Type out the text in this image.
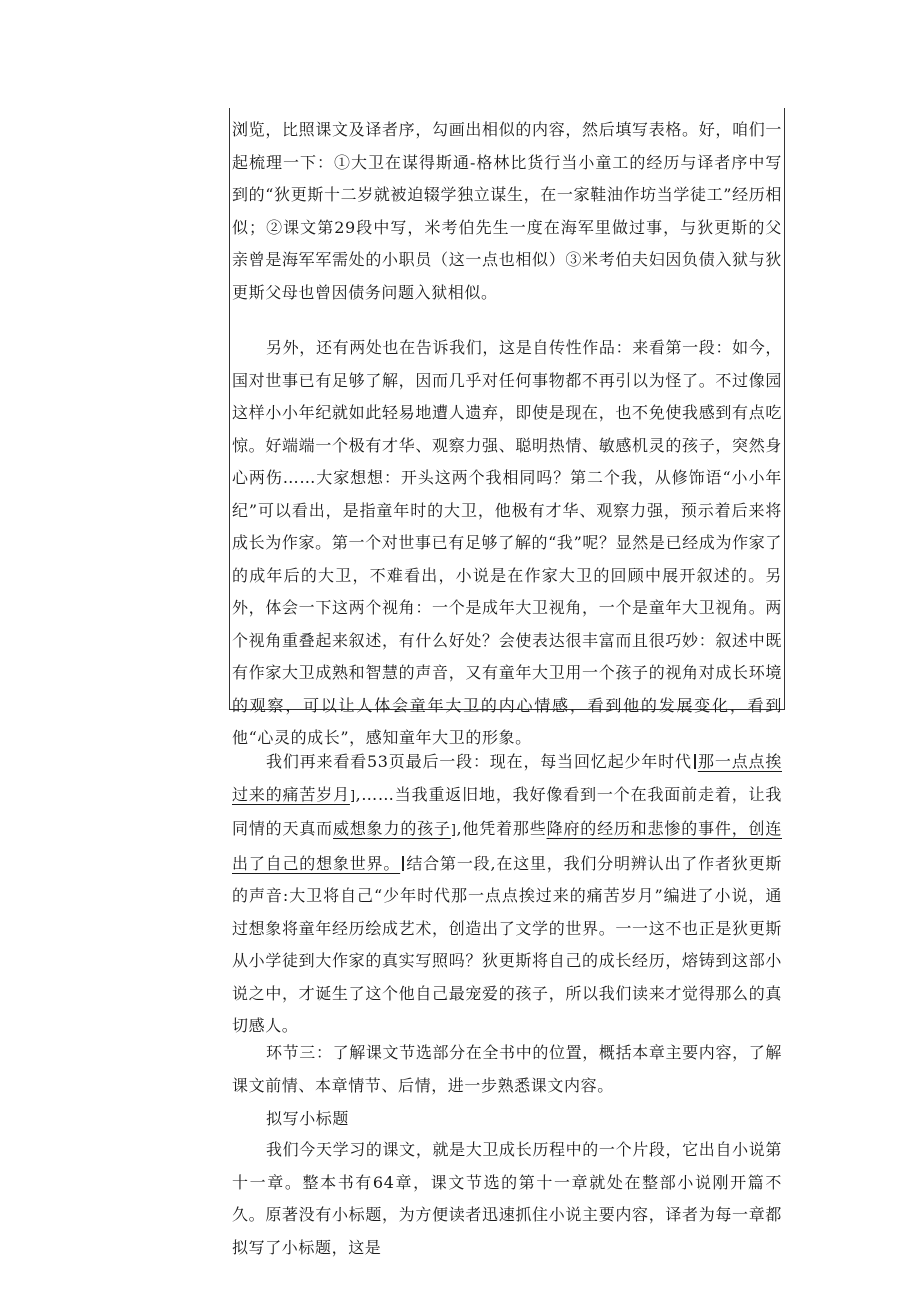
浏览，比照课文及译者序，勾画出相似的内容，然后填写表格。好，咱们一起梳理一下：①大卫在谋得斯通-格林比货行当小童工的经历与译者序中写到的“狄更斯十二岁就被迫辍学独立谋生，在一家鞋油作坊当学徒工”经历相似；②课文第29段中写，米考伯先生一度在海军里做过事，与狄更斯的父亲曾是海军军需处的小职员（这一点也相似）③米考伯夫妇因负债入狱与狄更斯父母也曾因债务问题入狱相似。

另外，还有两处也在告诉我们，这是自传性作品：来看第一段：如今，国对世事已有足够了解，因而几乎对任何事物都不再引以为怪了。不过像园这样小小年纪就如此轻易地遭人遗弃，即使是现在，也不免使我感到有点吃惊。好端端一个极有才华、观察力强、聪明热情、敏感机灵的孩子，突然身心两伤……大家想想：开头这两个我相同吗？第二个我，从修饰语“小小年纪”可以看出，是指童年时的大卫，他极有才华、观察力强，预示着后来将成长为作家。第一个对世事已有足够了解的“我”呢？显然是已经成为作家了的成年后的大卫，不难看出，小说是在作家大卫的回顾中展开叙述的。另外，体会一下这两个视角：一个是成年大卫视角，一个是童年大卫视角。两个视角重叠起来叙述，有什么好处？会使表达很丰富而且很巧妙：叙述中既有作家大卫成熟和智慧的声音，又有童年大卫用一个孩子的视角对成长环境的观察，可以让人体会童年大卫的内心情感，看到他的发展变化，看到他“心灵的成长”，感知童年大卫的形象。

我们再来看看53页最后一段：现在，每当回忆起少年时代 那一点点挨过来的痛苦岁月],……当我重返旧地，我好像看到一个在我面前走着，让我同情的天真而威想象力的孩子],他凭着那些降府的经历和悲惨的事件，创连出了自己的想象世界。 结合第一段,在这里，我们分明辨认出了作者狄更斯的声音:大卫将自己“少年时代那一点点挨过来的痛苦岁月”编进了小说，通过想象将童年经历绘成艺术，创造出了文学的世界。一一这不也正是狄更斯从小学徒到大作家的真实写照吗？狄更斯将自己的成长经历，熔铸到这部小说之中，才诞生了这个他自己最宠爱的孩子，所以我们读来才觉得那么的真切感人。

环节三：了解课文节选部分在全书中的位置，概括本章主要内容，了解课文前情、本章情节、后情，进一步熟悉课文内容。

拟写小标题

我们今天学习的课文，就是大卫成长历程中的一个片段，它出自小说第十一章。整本书有64章，课文节选的第十一章就处在整部小说刚开篇不久。原著没有小标题，为方便读者迅速抓住小说主要内容，译者为每一章都拟写了小标题，这是
